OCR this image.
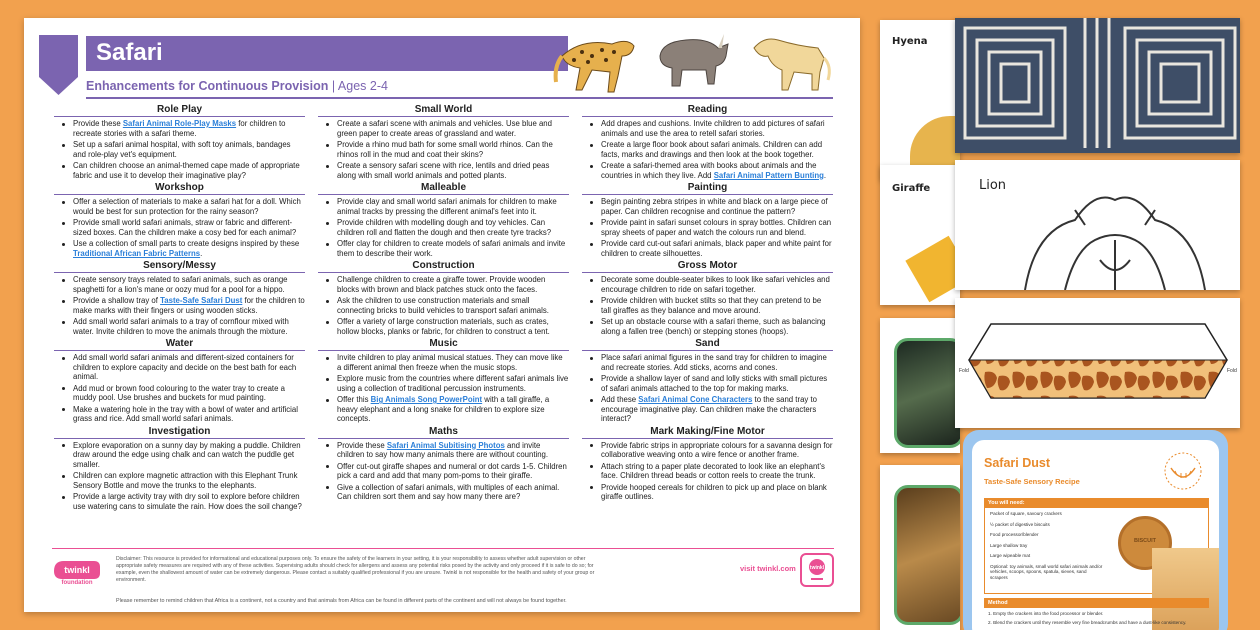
Safari
Enhancements for Continuous Provision | Ages 2-4
Role Play
Provide these Safari Animal Role-Play Masks for children to recreate stories with a safari theme.
Set up a safari animal hospital, with soft toy animals, bandages and role-play vet's equipment.
Can children choose an animal-themed cape made of appropriate fabric and use it to develop their imaginative play?
Workshop
Offer a selection of materials to make a safari hat for a doll. Which would be best for sun protection for the rainy season?
Provide small world safari animals, straw or fabric and different-sized boxes. Can the children make a cosy bed for each animal?
Use a collection of small parts to create designs inspired by these Traditional African Fabric Patterns.
Sensory/Messy
Create sensory trays related to safari animals, such as orange spaghetti for a lion's mane or oozy mud for a pool for a hippo.
Provide a shallow tray of Taste-Safe Safari Dust for the children to make marks with their fingers or using wooden sticks.
Add small world safari animals to a tray of cornflour mixed with water. Invite children to move the animals through the mixture.
Water
Add small world safari animals and different-sized containers for children to explore capacity and decide on the best bath for each animal.
Add mud or brown food colouring to the water tray to create a muddy pool. Use brushes and buckets for mud painting.
Make a watering hole in the tray with a bowl of water and artificial grass and rice. Add small world safari animals.
Investigation
Explore evaporation on a sunny day by making a puddle. Children draw around the edge using chalk and can watch the puddle get smaller.
Children can explore magnetic attraction with this Elephant Trunk Sensory Bottle and move the trunks to the elephants.
Provide a large activity tray with dry soil to explore before children use watering cans to simulate the rain. How does the soil change?
Small World
Create a safari scene with animals and vehicles. Use blue and green paper to create areas of grassland and water.
Provide a rhino mud bath for some small world rhinos. Can the rhinos roll in the mud and coat their skins?
Create a sensory safari scene with rice, lentils and dried peas along with small world animals and potted plants.
Malleable
Provide clay and small world safari animals for children to make animal tracks by pressing the different animal's feet into it.
Provide children with modelling dough and toy vehicles. Can children roll and flatten the dough and then create tyre tracks?
Offer clay for children to create models of safari animals and invite them to describe their work.
Construction
Challenge children to create a giraffe tower. Provide wooden blocks with brown and black patches stuck onto the faces.
Ask the children to use construction materials and small connecting bricks to build vehicles to transport safari animals.
Offer a variety of large construction materials, such as crates, hollow blocks, planks or fabric, for children to construct a tent.
Music
Invite children to play animal musical statues. They can move like a different animal then freeze when the music stops.
Explore music from the countries where different safari animals live using a collection of traditional percussion instruments.
Offer this Big Animals Song PowerPoint with a tall giraffe, a heavy elephant and a long snake for children to explore size concepts.
Maths
Provide these Safari Animal Subitising Photos and invite children to say how many animals there are without counting.
Offer cut-out giraffe shapes and numeral or dot cards 1-5. Children pick a card and add that many pom-poms to their giraffe.
Give a collection of safari animals, with multiples of each animal. Can children sort them and say how many there are?
Reading
Add drapes and cushions. Invite children to add pictures of safari animals and use the area to retell safari stories.
Create a large floor book about safari animals. Children can add facts, marks and drawings and then look at the book together.
Create a safari-themed area with books about animals and the countries in which they live. Add Safari Animal Pattern Bunting.
Painting
Begin painting zebra stripes in white and black on a large piece of paper. Can children recognise and continue the pattern?
Provide paint in safari sunset colours in spray bottles. Children can spray sheets of paper and watch the colours run and blend.
Provide card cut-out safari animals, black paper and white paint for children to create silhouettes.
Gross Motor
Decorate some double-seater bikes to look like safari vehicles and encourage children to ride on safari together.
Provide children with bucket stilts so that they can pretend to be tall giraffes as they balance and move around.
Set up an obstacle course with a safari theme, such as balancing along a fallen tree (bench) or stepping stones (hoops).
Sand
Place safari animal figures in the sand tray for children to imagine and recreate stories. Add sticks, acorns and cones.
Provide a shallow layer of sand and lolly sticks with small pictures of safari animals attached to the top for making marks.
Add these Safari Animal Cone Characters to the sand tray to encourage imaginative play. Can children make the characters interact?
Mark Making/Fine Motor
Provide fabric strips in appropriate colours for a savanna design for collaborative weaving onto a wire fence or another frame.
Attach string to a paper plate decorated to look like an elephant's face. Children thread beads or cotton reels to create the trunk.
Provide hooped cereals for children to pick up and place on blank giraffe outlines.
twinkl
foundation
Disclaimer: This resource is provided for informational and educational purposes only. To ensure the safety of the learners in your setting, it is your responsibility to assess whether adult supervision or other appropriate safety measures are required with any of these activities. Supervising adults should check for allergens and assess any potential risks posed by the activity and only proceed if it is safe to do so; for example, even the shallowest amount of water can be extremely dangerous. Please contact a suitably qualified professional if you are unsure. Twinkl is not responsible for the health and safety of your group or environment.
visit twinkl.com	twinkl
Please remember to remind children that Africa is a continent, not a country and that animals from Africa can be found in different parts of the continent and will not always be found together.
Hyena
Giraffe	Lion
Fold	Fold
Safari Dust
Taste-Safe Sensory Recipe
You will need:
Packet of square, savoury crackers
½ packet of digestive biscuits
Food processor/blender
Large shallow tray
Large wipeable mat
Optional: toy animals, small world safari animals and/or vehicles, scoops, spoons, spatula, sieves, sand scrapers
BISCUIT
Method
1. Empty the crackers into the food processor or blender.
2. Blend the crackers until they resemble very fine breadcrumbs and have a dust-like consistency.
